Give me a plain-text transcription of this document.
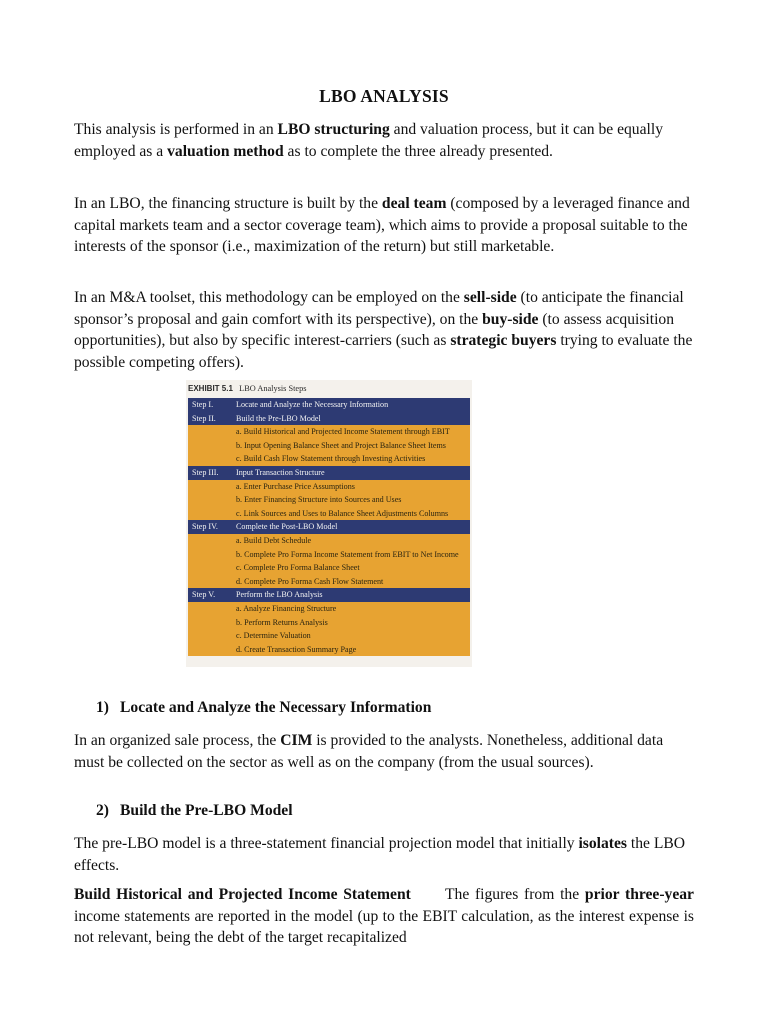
LBO ANALYSIS
This analysis is performed in an LBO structuring and valuation process, but it can be equally employed as a valuation method as to complete the three already presented.
In an LBO, the financing structure is built by the deal team (composed by a leveraged finance and capital markets team and a sector coverage team), which aims to provide a proposal suitable to the interests of the sponsor (i.e., maximization of the return) but still marketable.
In an M&A toolset, this methodology can be employed on the sell-side (to anticipate the financial sponsor’s proposal and gain comfort with its perspective), on the buy-side (to assess acquisition opportunities), but also by specific interest-carriers (such as strategic buyers trying to evaluate the possible competing offers).
EXHIBIT 5.1 LBO Analysis Steps
Step I.	Locate and Analyze the Necessary Information
Step II. Build the Pre-LBO Model
a. Build Historical and Projected Income Statement through EBIT
b. Input Opening Balance Sheet and Project Balance Sheet Items
c. Build Cash Flow Statement through Investing Activities
Step III. Input Transaction Structure
a. Enter Purchase Price Assumptions
b. Enter Financing Structure into Sources and Uses
c. Link Sources and Uses to Balance Sheet Adjustments Columns
Step IV. Complete the Post-LBO Model
a. Build Debt Schedule
b. Complete Pro Forma Income Statement from EBIT to Net Income
c. Complete Pro Forma Balance Sheet
d. Complete Pro Forma Cash Flow Statement
Step V.	Perform the LBO Analysis
a. Analyze Financing Structure
b. Perform Returns Analysis
c. Determine Valuation
d. Create Transaction Summary Page
1) Locate and Analyze the Necessary Information
In an organized sale process, the CIM is provided to the analysts. Nonetheless, additional data must be collected on the sector as well as on the company (from the usual sources).
2) Build the Pre-LBO Model
The pre-LBO model is a three-statement financial projection model that initially isolates the LBO effects.
Build Historical and Projected Income Statement      The figures from the prior three-year income statements are reported in the model (up to the EBIT calculation, as the interest expense is not relevant, being the debt of the target recapitalized
